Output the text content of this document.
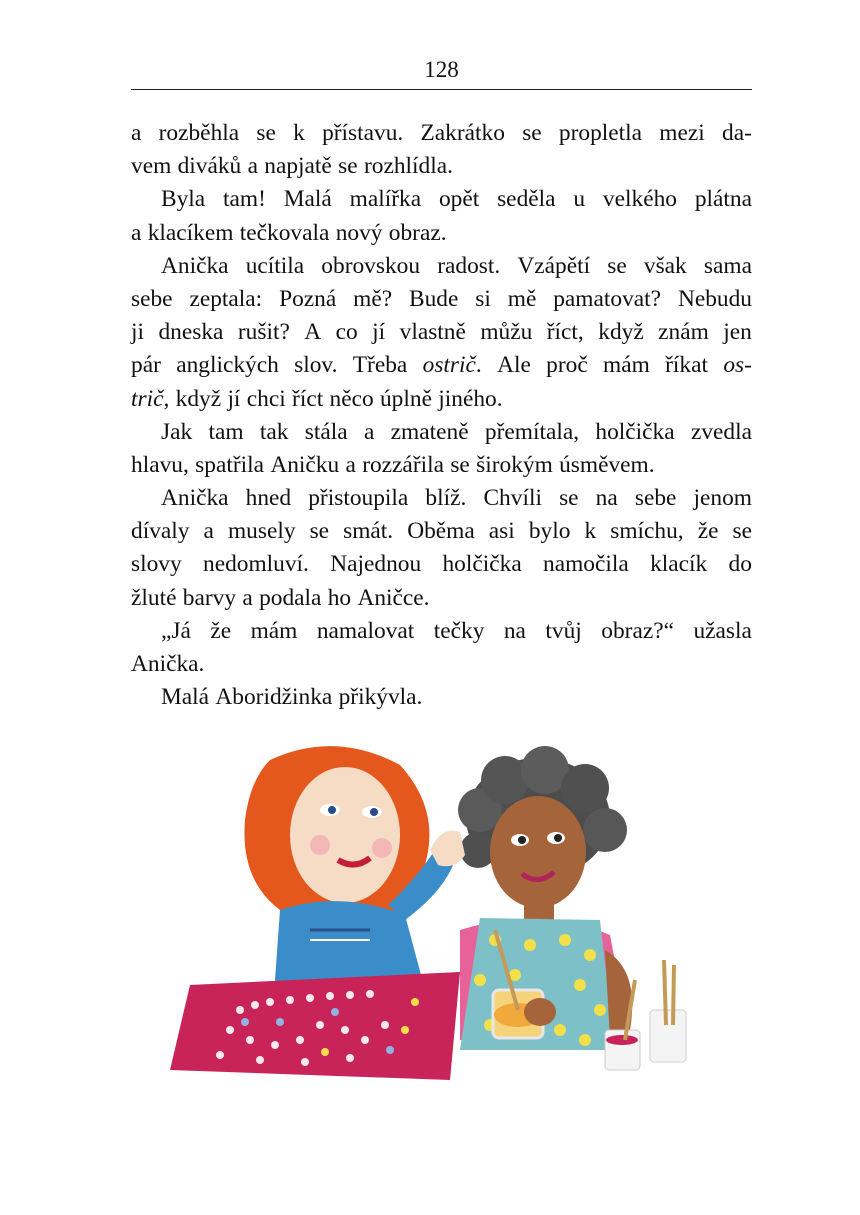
128
a rozběhla se k přístavu. Zakrátko se propletla mezi da-
vem diváků a napjatě se rozhlídla.
Byla tam! Malá malířka opět seděla u velkého plátna
a klacíkem tečkovala nový obraz.
Anička ucítila obrovskou radost. Vzápětí se však sama
sebe zeptala: Pozná mě? Bude si mě pamatovat? Nebudu
ji dneska rušit? A co jí vlastně můžu říct, když znám jen
pár anglických slov. Třeba ostrič. Ale proč mám říkat os-
trič, když jí chci říct něco úplně jiného.
Jak tam tak stála a zmateně přemítala, holčička zvedla
hlavu, spatřila Aničku a rozzářila se širokým úsměvem.
Anička hned přistoupila blíž. Chvíli se na sebe jenom
dívaly a musely se smát. Oběma asi bylo k smíchu, že se
slovy nedomluví. Najednou holčička namočila klacík do
žluté barvy a podala ho Aničce.
„Já že mám namalovat tečky na tvůj obraz?“ užasla
Anička.
Malá Aboridžinka přikývla.
